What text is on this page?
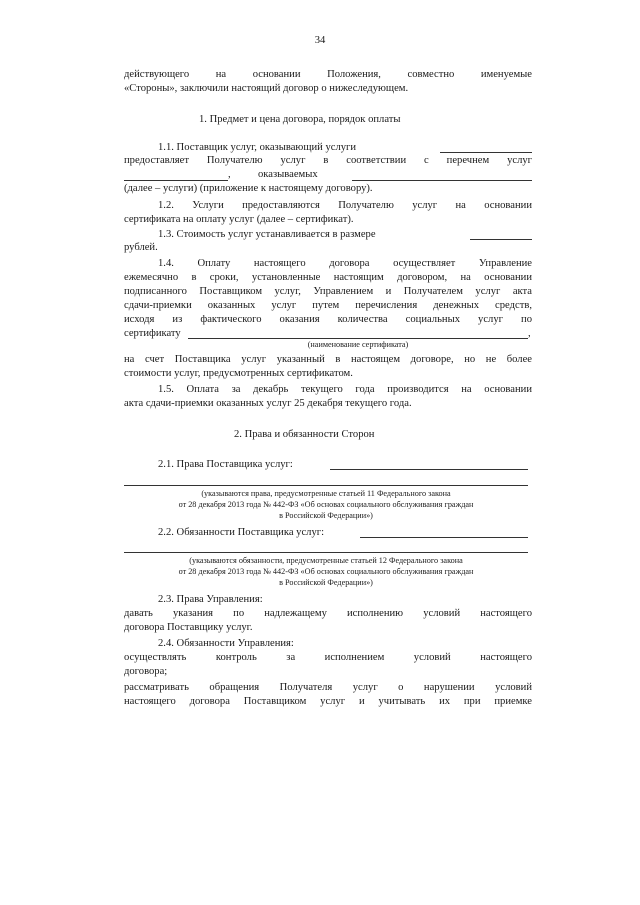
34
действующего на основании Положения, совместно именуемые
«Стороны», заключили настоящий договор о нижеследующем.
1. Предмет и цена договора, порядок оплаты
1.1. Поставщик услуг, оказывающий услуги
предоставляет Получателю услуг в соответствии с перечнем услуг
,	оказываемых
(далее – услуги) (приложение к настоящему договору).
1.2. Услуги предоставляются Получателю услуг на основании
сертификата на оплату услуг (далее – сертификат).
1.3. Стоимость услуг устанавливается в размере
рублей.
1.4. Оплату настоящего договора осуществляет Управление
ежемесячно в сроки, установленные настоящим договором, на основании
подписанного Поставщиком услуг, Управлением и Получателем услуг акта
сдачи-приемки оказанных услуг путем перечисления денежных средств,
исходя из фактического оказания количества социальных услуг по
сертификату	,
(наименование сертификата)
на счет Поставщика услуг указанный в настоящем договоре, но не более
стоимости услуг, предусмотренных сертификатом.
1.5. Оплата за декабрь текущего года производится на основании
акта сдачи-приемки оказанных услуг 25 декабря текущего года.
2. Права и обязанности Сторон
2.1. Права Поставщика услуг:
(указываются права, предусмотренные статьей 11 Федерального закона
от 28 декабря 2013 года № 442-ФЗ «Об основах социального обслуживания граждан
в Российской Федерации»)
2.2. Обязанности Поставщика услуг:
(указываются обязанности, предусмотренные статьей 12 Федерального закона
от 28 декабря 2013 года № 442-ФЗ «Об основах социального обслуживания граждан
в Российской Федерации»)
2.3. Права Управления:
давать указания по надлежащему исполнению условий настоящего
договора Поставщику услуг.
2.4. Обязанности Управления:
осуществлять контроль за исполнением условий настоящего
договора;
рассматривать обращения Получателя услуг о нарушении условий
настоящего договора Поставщиком услуг и учитывать их при приемке
